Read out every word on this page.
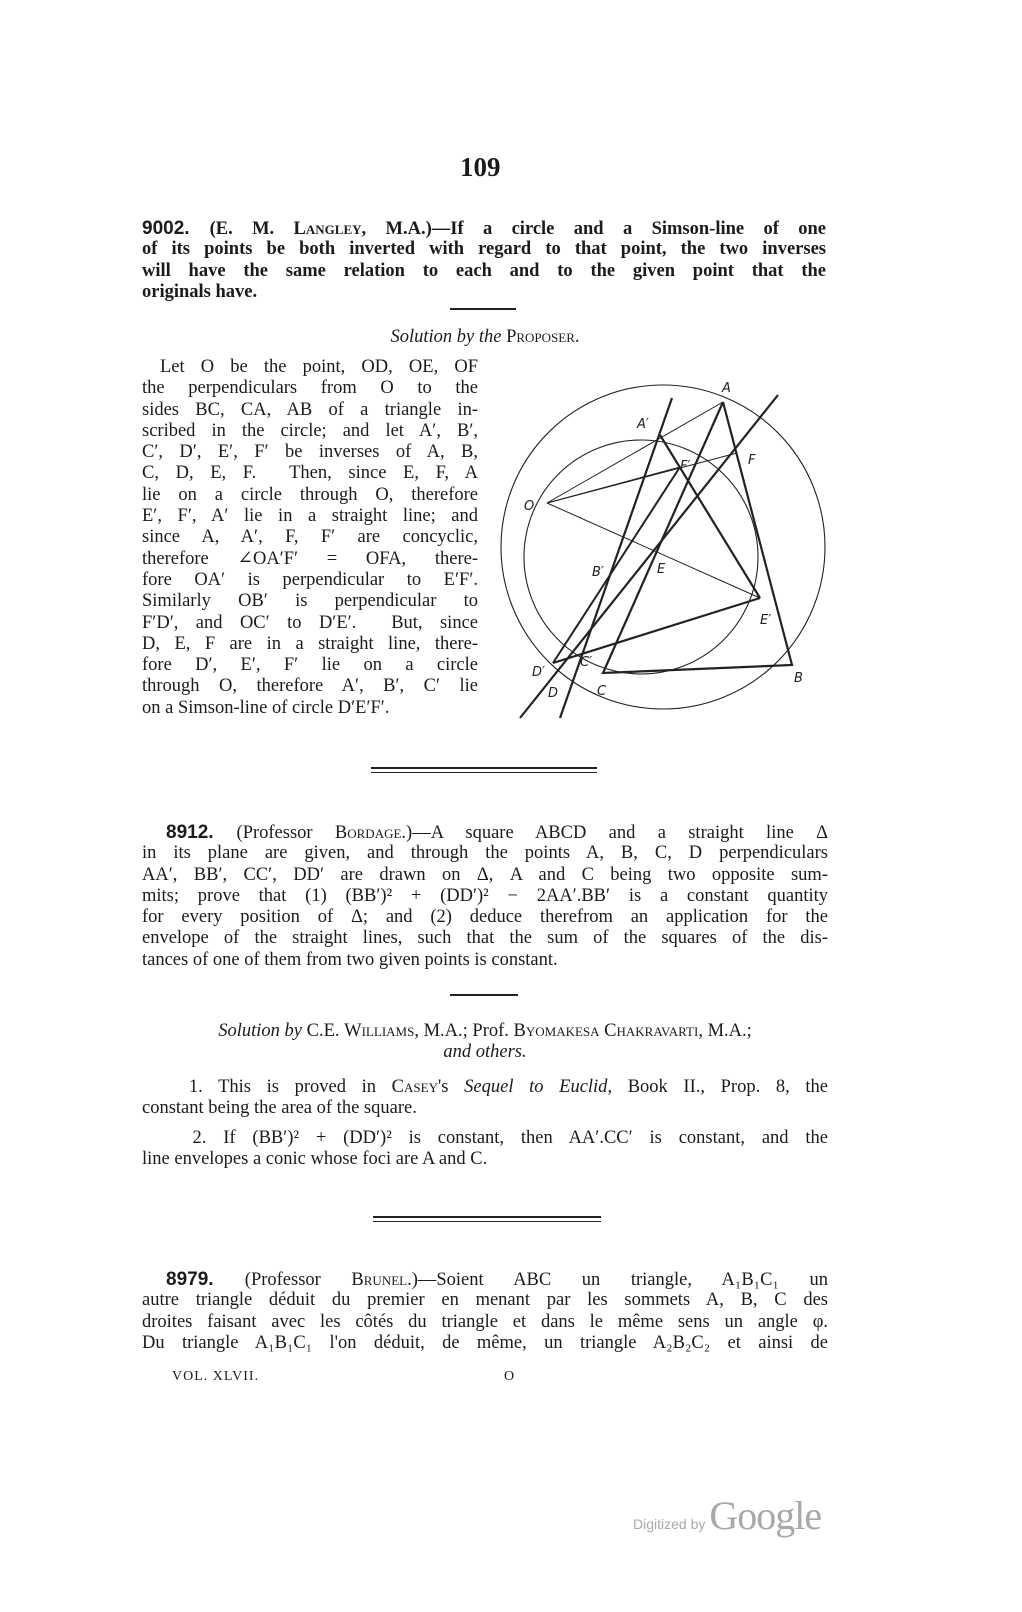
109
9002. (E. M. Langley, M.A.)—If a circle and a Simson-line of one
of its points be both inverted with regard to that point, the two inverses
will have the same relation to each and to the given point that the
originals have.
Solution by the Proposer.
Let O be the point, OD, OE, OF
the perpendiculars from O to the
sides BC, CA, AB of a triangle in-
scribed in the circle; and let A′, B′,
C′, D′, E′, F′ be inverses of A, B,
C, D, E, F.  Then, since E, F, A
lie on a circle through O, therefore
E′, F′, A′ lie in a straight line; and
since A, A′, F, F′ are concyclic,
therefore ∠OA′F′ = OFA, there-
fore OA′ is perpendicular to E′F′.
Similarly OB′ is perpendicular to
F′D′, and OC′ to D′E′.  But, since
D, E, F are in a straight line, there-
fore D′, E′, F′ lie on a circle
through O, therefore A′, B′, C′ lie
on a Simson-line of circle D′E′F′.
A
A′
F′	F
O
B′	E
E′
D′
C′
C
D
B
8912. (Professor Bordage.)—A square ABCD and a straight line Δ
in its plane are given, and through the points A, B, C, D perpendiculars
AA′, BB′, CC′, DD′ are drawn on Δ, A and C being two opposite sum-
mits; prove that (1) (BB′)² + (DD′)² − 2AA′.BB′ is a constant quantity
for every position of Δ; and (2) deduce therefrom an application for the
envelope of the straight lines, such that the sum of the squares of the dis-
tances of one of them from two given points is constant.
Solution by C.E. Williams, M.A.; Prof. Byomakesa Chakravarti, M.A.;
and others.
1. This is proved in Casey's Sequel to Euclid, Book II., Prop. 8, the
constant being the area of the square.
2. If (BB′)² + (DD′)² is constant, then AA′.CC′ is constant, and the
line envelopes a conic whose foci are A and C.
8979. (Professor Brunel.)—Soient ABC un triangle, A₁B₁C₁ un
autre triangle déduit du premier en menant par les sommets A, B, C des
droites faisant avec les côtés du triangle et dans le même sens un angle φ.
Du triangle A₁B₁C₁ l'on déduit, de même, un triangle A₂B₂C₂ et ainsi de
VOL. XLVII.	O
Digitized by Google
